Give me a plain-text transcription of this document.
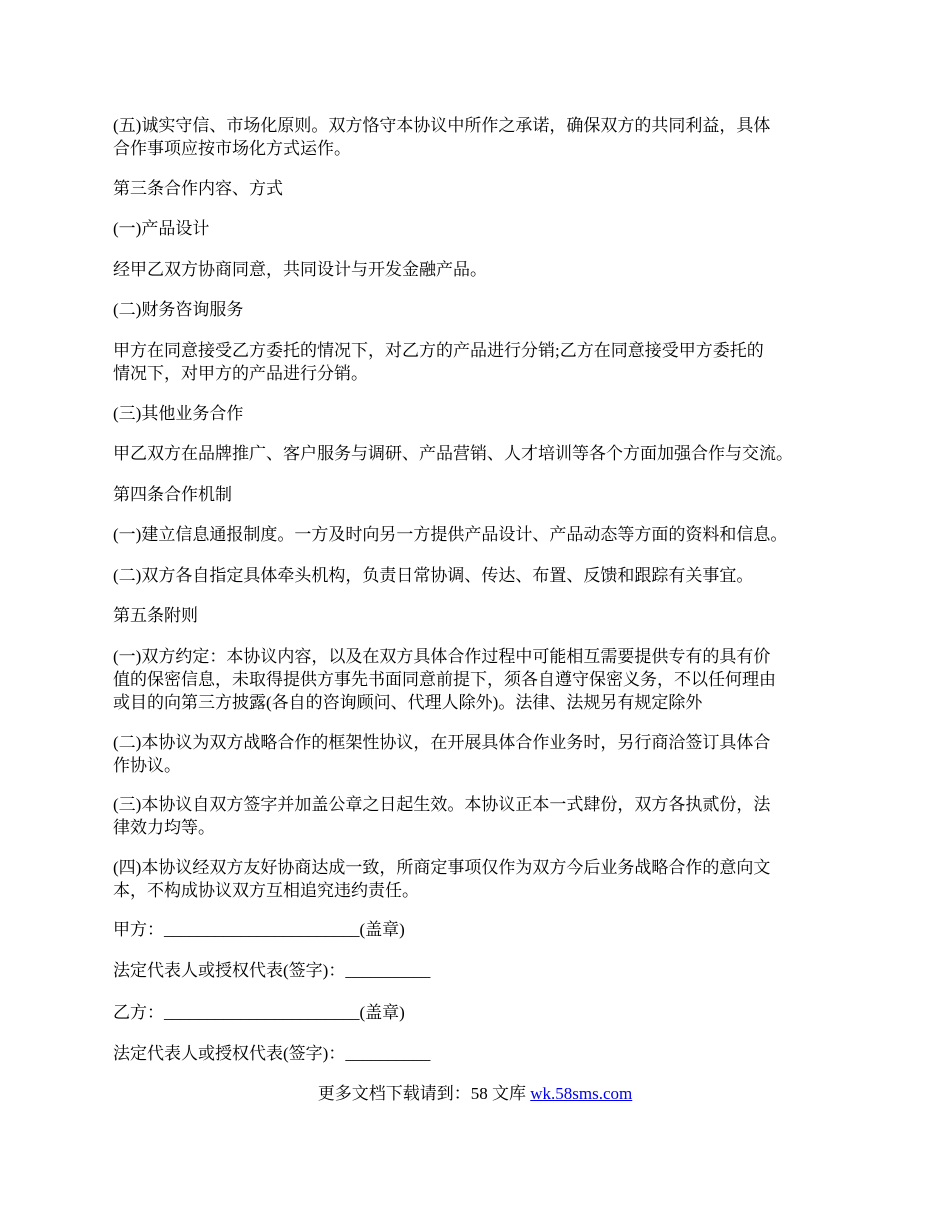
(五)诚实守信、市场化原则。双方恪守本协议中所作之承诺，确保双方的共同利益，具体
合作事项应按市场化方式运作。
第三条合作内容、方式
(一)产品设计
经甲乙双方协商同意，共同设计与开发金融产品。
(二)财务咨询服务
甲方在同意接受乙方委托的情况下，对乙方的产品进行分销;乙方在同意接受甲方委托的
情况下，对甲方的产品进行分销。
(三)其他业务合作
甲乙双方在品牌推广、客户服务与调研、产品营销、人才培训等各个方面加强合作与交流。
第四条合作机制
(一)建立信息通报制度。一方及时向另一方提供产品设计、产品动态等方面的资料和信息。
(二)双方各自指定具体牵头机构，负责日常协调、传达、布置、反馈和跟踪有关事宜。
第五条附则
(一)双方约定：本协议内容，以及在双方具体合作过程中可能相互需要提供专有的具有价
值的保密信息，未取得提供方事先书面同意前提下，须各自遵守保密义务，不以任何理由
或目的向第三方披露(各自的咨询顾问、代理人除外)。法律、法规另有规定除外
(二)本协议为双方战略合作的框架性协议，在开展具体合作业务时，另行商洽签订具体合
作协议。
(三)本协议自双方签字并加盖公章之日起生效。本协议正本一式肆份，双方各执贰份，法
律效力均等。
(四)本协议经双方友好协商达成一致，所商定事项仅作为双方今后业务战略合作的意向文
本，不构成协议双方互相追究违约责任。
甲方：_______________________(盖章)
法定代表人或授权代表(签字)：__________
乙方：_______________________(盖章)
法定代表人或授权代表(签字)：__________
更多文档下载请到：58 文库 wk.58sms.com
